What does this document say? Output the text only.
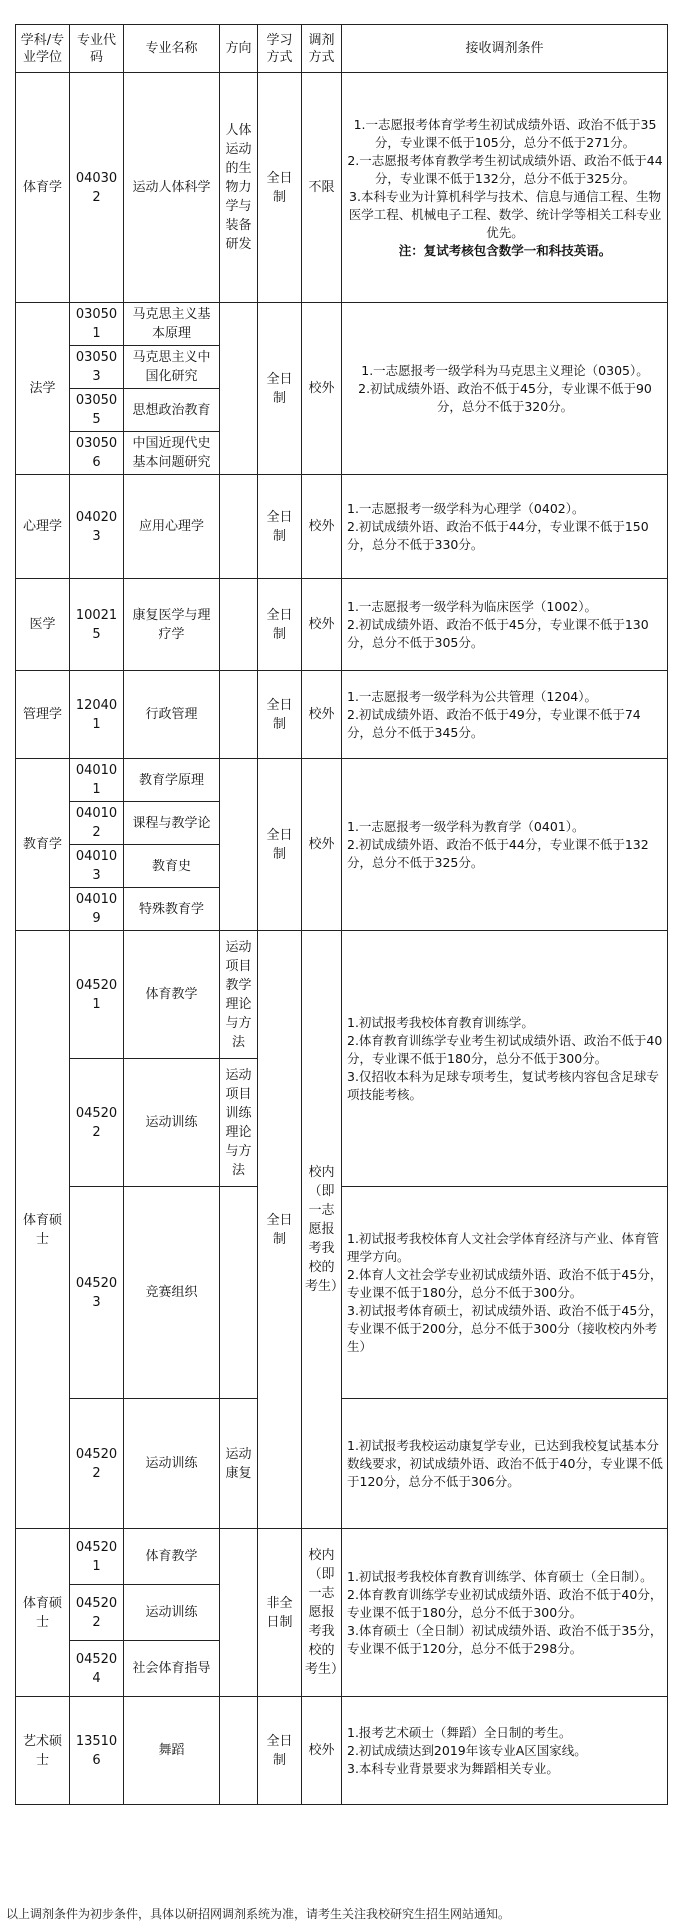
学科/专业学位	专业代码	专业名称	方向	学习方式	调剂方式	接收调剂条件
体育学	040302	运动人体科学	人体运动的生物力学与装备研发	全日制	不限	1.一志愿报考体育学考生初试成绩外语、政治不低于35分，专业课不低于105分，总分不低于271分。
2.一志愿报考体育教学考生初试成绩外语、政治不低于44分，专业课不低于132分，总分不低于325分。
3.本科专业为计算机科学与技术、信息与通信工程、生物医学工程、机械电子工程、数学、统计学等相关工科专业优先。
注：复试考核包含数学一和科技英语。

法学	030501	马克思主义基本原理		全日制	校外	1.一志愿报考一级学科为马克思主义理论（0305）。
2.初试成绩外语、政治不低于45分，专业课不低于90分，总分不低于320分。

	030503	马克思主义中国化研究				
	030505	思想政治教育				
	030506	中国近现代史基本问题研究				
心理学	040203	应用心理学		全日制	校外	1.一志愿报考一级学科为心理学（0402）。
2.初试成绩外语、政治不低于44分，专业课不低于150分，总分不低于330分。

医学	100215	康复医学与理疗学		全日制	校外	1.一志愿报考一级学科为临床医学（1002）。
2.初试成绩外语、政治不低于45分，专业课不低于130分，总分不低于305分。

管理学	120401	行政管理		全日制	校外	1.一志愿报考一级学科为公共管理（1204）。
2.初试成绩外语、政治不低于49分，专业课不低于74分，总分不低于345分。

教育学	040101	教育学原理		全日制	校外	1.一志愿报考一级学科为教育学（0401）。
2.初试成绩外语、政治不低于44分，专业课不低于132分，总分不低于325分。

	040102	课程与教学论				
	040103	教育史				
	040109	特殊教育学				
体育硕士	045201	体育教学	运动项目教学理论与方法	全日制	校内（即一志愿报考我校的考生）	1.初试报考我校体育教育训练学。
2.体育教育训练学专业考生初试成绩外语、政治不低于40分，专业课不低于180分，总分不低于300分。
3.仅招收本科为足球专项考生，复试考核内容包含足球专项技能考核。

	045202	运动训练	运动项目训练理论与方法			
	045203	竞赛组织				1.初试报考我校体育人文社会学体育经济与产业、体育管理学方向。
2.体育人文社会学专业初试成绩外语、政治不低于45分，专业课不低于180分，总分不低于300分。
3.初试报考体育硕士，初试成绩外语、政治不低于45分，专业课不低于200分，总分不低于300分（接收校内外考生）

	045202	运动训练	运动康复			1.初试报考我校运动康复学专业，已达到我校复试基本分数线要求，初试成绩外语、政治不低于40分，专业课不低于120分，总分不低于306分。

体育硕士	045201	体育教学		非全日制	校内（即一志愿报考我校的考生）	1.初试报考我校体育教育训练学、体育硕士（全日制）。
2.体育教育训练学专业初试成绩外语、政治不低于40分，专业课不低于180分，总分不低于300分。
3.体育硕士（全日制）初试成绩外语、政治不低于35分，专业课不低于120分，总分不低于298分。

	045202	运动训练				
	045204	社会体育指导				
艺术硕士	135106	舞蹈		全日制	校外	1.报考艺术硕士（舞蹈）全日制的考生。
2.初试成绩达到2019年该专业A区国家线。
3.本科专业背景要求为舞蹈相关专业。
以上调剂条件为初步条件，具体以研招网调剂系统为准，请考生关注我校研究生招生网站通知。
